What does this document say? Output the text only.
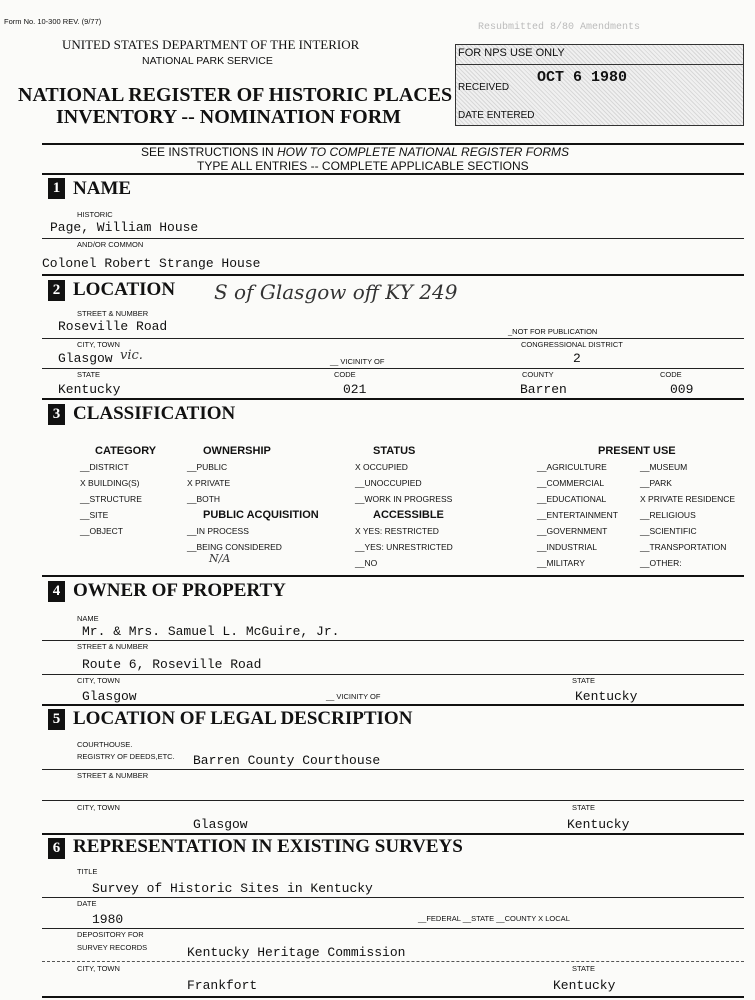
Form No. 10-300 REV. (9/77)
Resubmitted 8/80 Amendments
UNITED STATES DEPARTMENT OF THE INTERIOR
NATIONAL PARK SERVICE
NATIONAL REGISTER OF HISTORIC PLACES
INVENTORY -- NOMINATION FORM
FOR NPS USE ONLY
RECEIVED
OCT 6 1980
DATE ENTERED
SEE INSTRUCTIONS IN HOW TO COMPLETE NATIONAL REGISTER FORMS
TYPE ALL ENTRIES -- COMPLETE APPLICABLE SECTIONS
1 NAME
HISTORIC
Page, William House
AND/OR COMMON
Colonel Robert Strange House
2 LOCATION S of Glasgow off KY 249
STREET & NUMBER
Roseville Road	_NOT FOR PUBLICATION
CITY, TOWN	CONGRESSIONAL DISTRICT
Glasgow vic.	__ VICINITY OF	2
STATE	CODE	COUNTY	CODE
Kentucky	021	Barren	009
3 CLASSIFICATION
CATEGORY
__DISTRICT
X BUILDING(S)
__STRUCTURE
__SITE
__OBJECT
OWNERSHIP
__PUBLIC
X PRIVATE
__BOTH
PUBLIC ACQUISITION
__IN PROCESS
__BEING CONSIDERED
N/A
STATUS
X OCCUPIED
__UNOCCUPIED
__WORK IN PROGRESS
ACCESSIBLE
X YES: RESTRICTED
__YES: UNRESTRICTED
__NO
PRESENT USE
__AGRICULTURE
__COMMERCIAL
__EDUCATIONAL
__ENTERTAINMENT
__GOVERNMENT
__INDUSTRIAL
__MILITARY
__MUSEUM
__PARK
X PRIVATE RESIDENCE
__RELIGIOUS
__SCIENTIFIC
__TRANSPORTATION
__OTHER:
4 OWNER OF PROPERTY
NAME
Mr. & Mrs. Samuel L. McGuire, Jr.
STREET & NUMBER
Route 6, Roseville Road
CITY, TOWN	STATE
Glasgow	__ VICINITY OF	Kentucky
5 LOCATION OF LEGAL DESCRIPTION
COURTHOUSE.
REGISTRY OF DEEDS,ETC. Barren County Courthouse
STREET & NUMBER
CITY, TOWN	STATE
Glasgow	Kentucky
6 REPRESENTATION IN EXISTING SURVEYS
TITLE
Survey of Historic Sites in Kentucky
DATE
1980	__FEDERAL __STATE __COUNTY X LOCAL
DEPOSITORY FOR
SURVEY RECORDS	Kentucky Heritage Commission
CITY, TOWN	STATE
Frankfort	Kentucky
